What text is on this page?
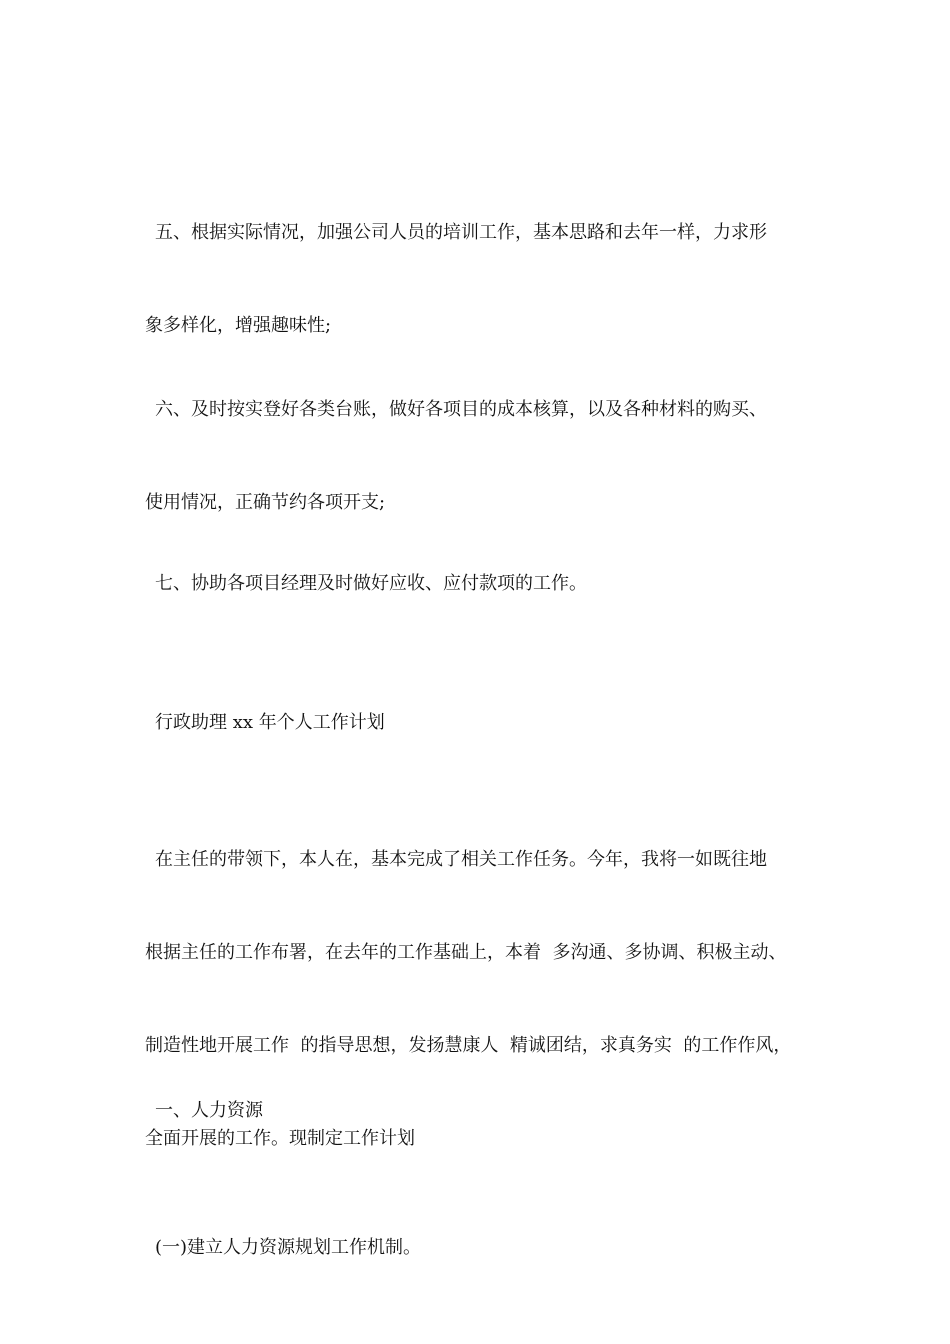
五、根据实际情况，加强公司人员的培训工作，基本思路和去年一样，力求形

象多样化，增强趣味性;

六、及时按实登好各类台账，做好各项目的成本核算，以及各种材料的购买、

使用情况，正确节约各项开支;

七、协助各项目经理及时做好应收、应付款项的工作。

行政助理 xx 年个人工作计划

在主任的带领下，本人在，基本完成了相关工作任务。今年，我将一如既往地

根据主任的工作布署，在去年的工作基础上，本着  多沟通、多协调、积极主动、

制造性地开展工作  的指导思想，发扬慧康人  精诚团结，求真务实  的工作作风，

全面开展的工作。现制定工作计划

一、人力资源

(一)建立人力资源规划工作机制。
